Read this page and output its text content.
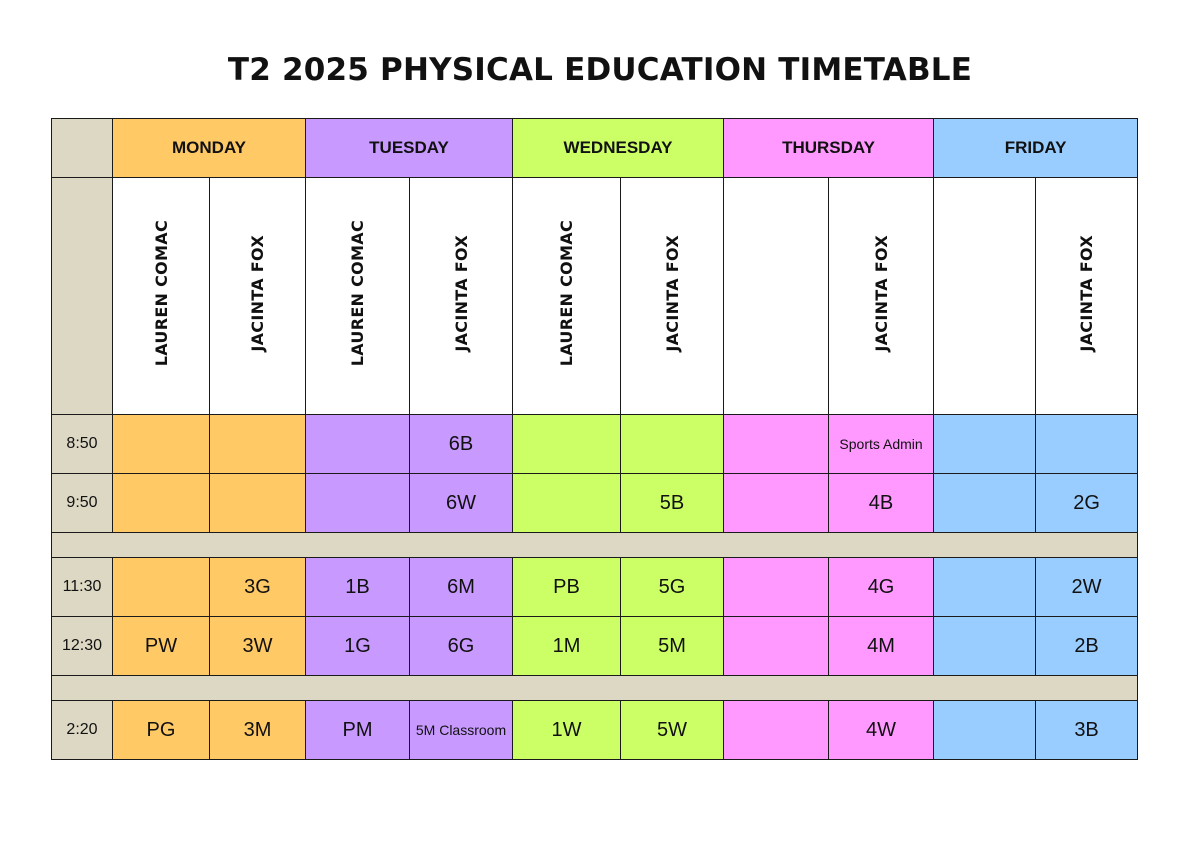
T2 2025 PHYSICAL EDUCATION TIMETABLE
	MONDAY		TUESDAY		WEDNESDAY		THURSDAY		FRIDAY	
	LAUREN COMAC	JACINTA FOX	LAUREN COMAC	JACINTA FOX	LAUREN COMAC	JACINTA FOX		JACINTA FOX		JACINTA FOX
8:50				6B				Sports Admin		

9:50				6W		5B		4B		2G

11:30		3G	1B	6M	PB	5G		4G		2W
12:30	PW	3W	1G	6G	1M	5M		4M		2B

2:20	PG	3M	PM	5M Classroom	1W	5W		4W		3B
